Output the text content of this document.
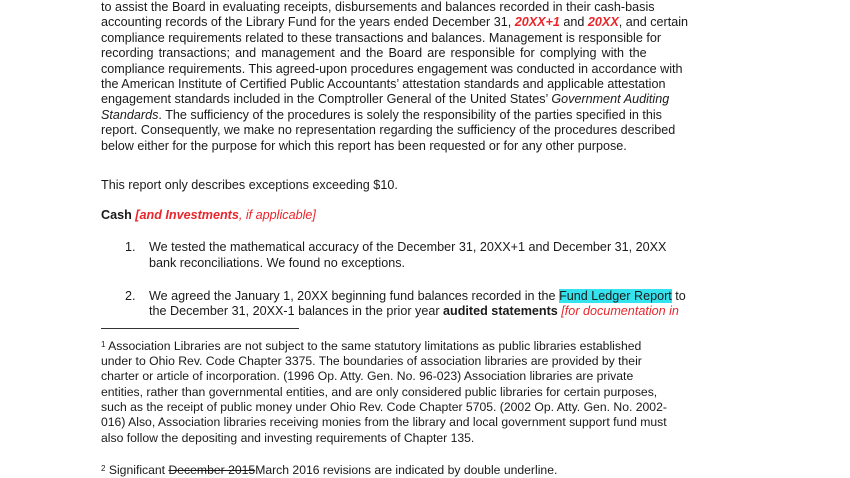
to assist the Board in evaluating receipts, disbursements and balances recorded in their cash-basis
accounting records of the Library Fund for the years ended December 31, 20XX+1 and 20XX, and certain
compliance requirements related to these transactions and balances. Management is responsible for
recording transactions; and management and the Board are responsible for complying with the
compliance requirements. This agreed-upon procedures engagement was conducted in accordance with
the American Institute of Certified Public Accountants’ attestation standards and applicable attestation
engagement standards included in the Comptroller General of the United States’ Government Auditing
Standards. The sufficiency of the procedures is solely the responsibility of the parties specified in this
report. Consequently, we make no representation regarding the sufficiency of the procedures described
below either for the purpose for which this report has been requested or for any other purpose.
This report only describes exceptions exceeding $10.
Cash [and Investments, if applicable]
1. We tested the mathematical accuracy of the December 31, 20XX+1 and December 31, 20XX
bank reconciliations. We found no exceptions.
2. We agreed the January 1, 20XX beginning fund balances recorded in the Fund Ledger Report to
the December 31, 20XX-1 balances in the prior year audited statements [for documentation in
$^1$ Association Libraries are not subject to the same statutory limitations as public libraries established
under to Ohio Rev. Code Chapter 3375. The boundaries of association libraries are provided by their
charter or article of incorporation. (1996 Op. Atty. Gen. No. 96-023) Association libraries are private
entities, rather than governmental entities, and are only considered public libraries for certain purposes,
such as the receipt of public money under Ohio Rev. Code Chapter 5705. (2002 Op. Atty. Gen. No. 2002-
016) Also, Association libraries receiving monies from the library and local government support fund must
also follow the depositing and investing requirements of Chapter 135.
$^2$ Significant December 2015March 2016 revisions are indicated by double underline.
